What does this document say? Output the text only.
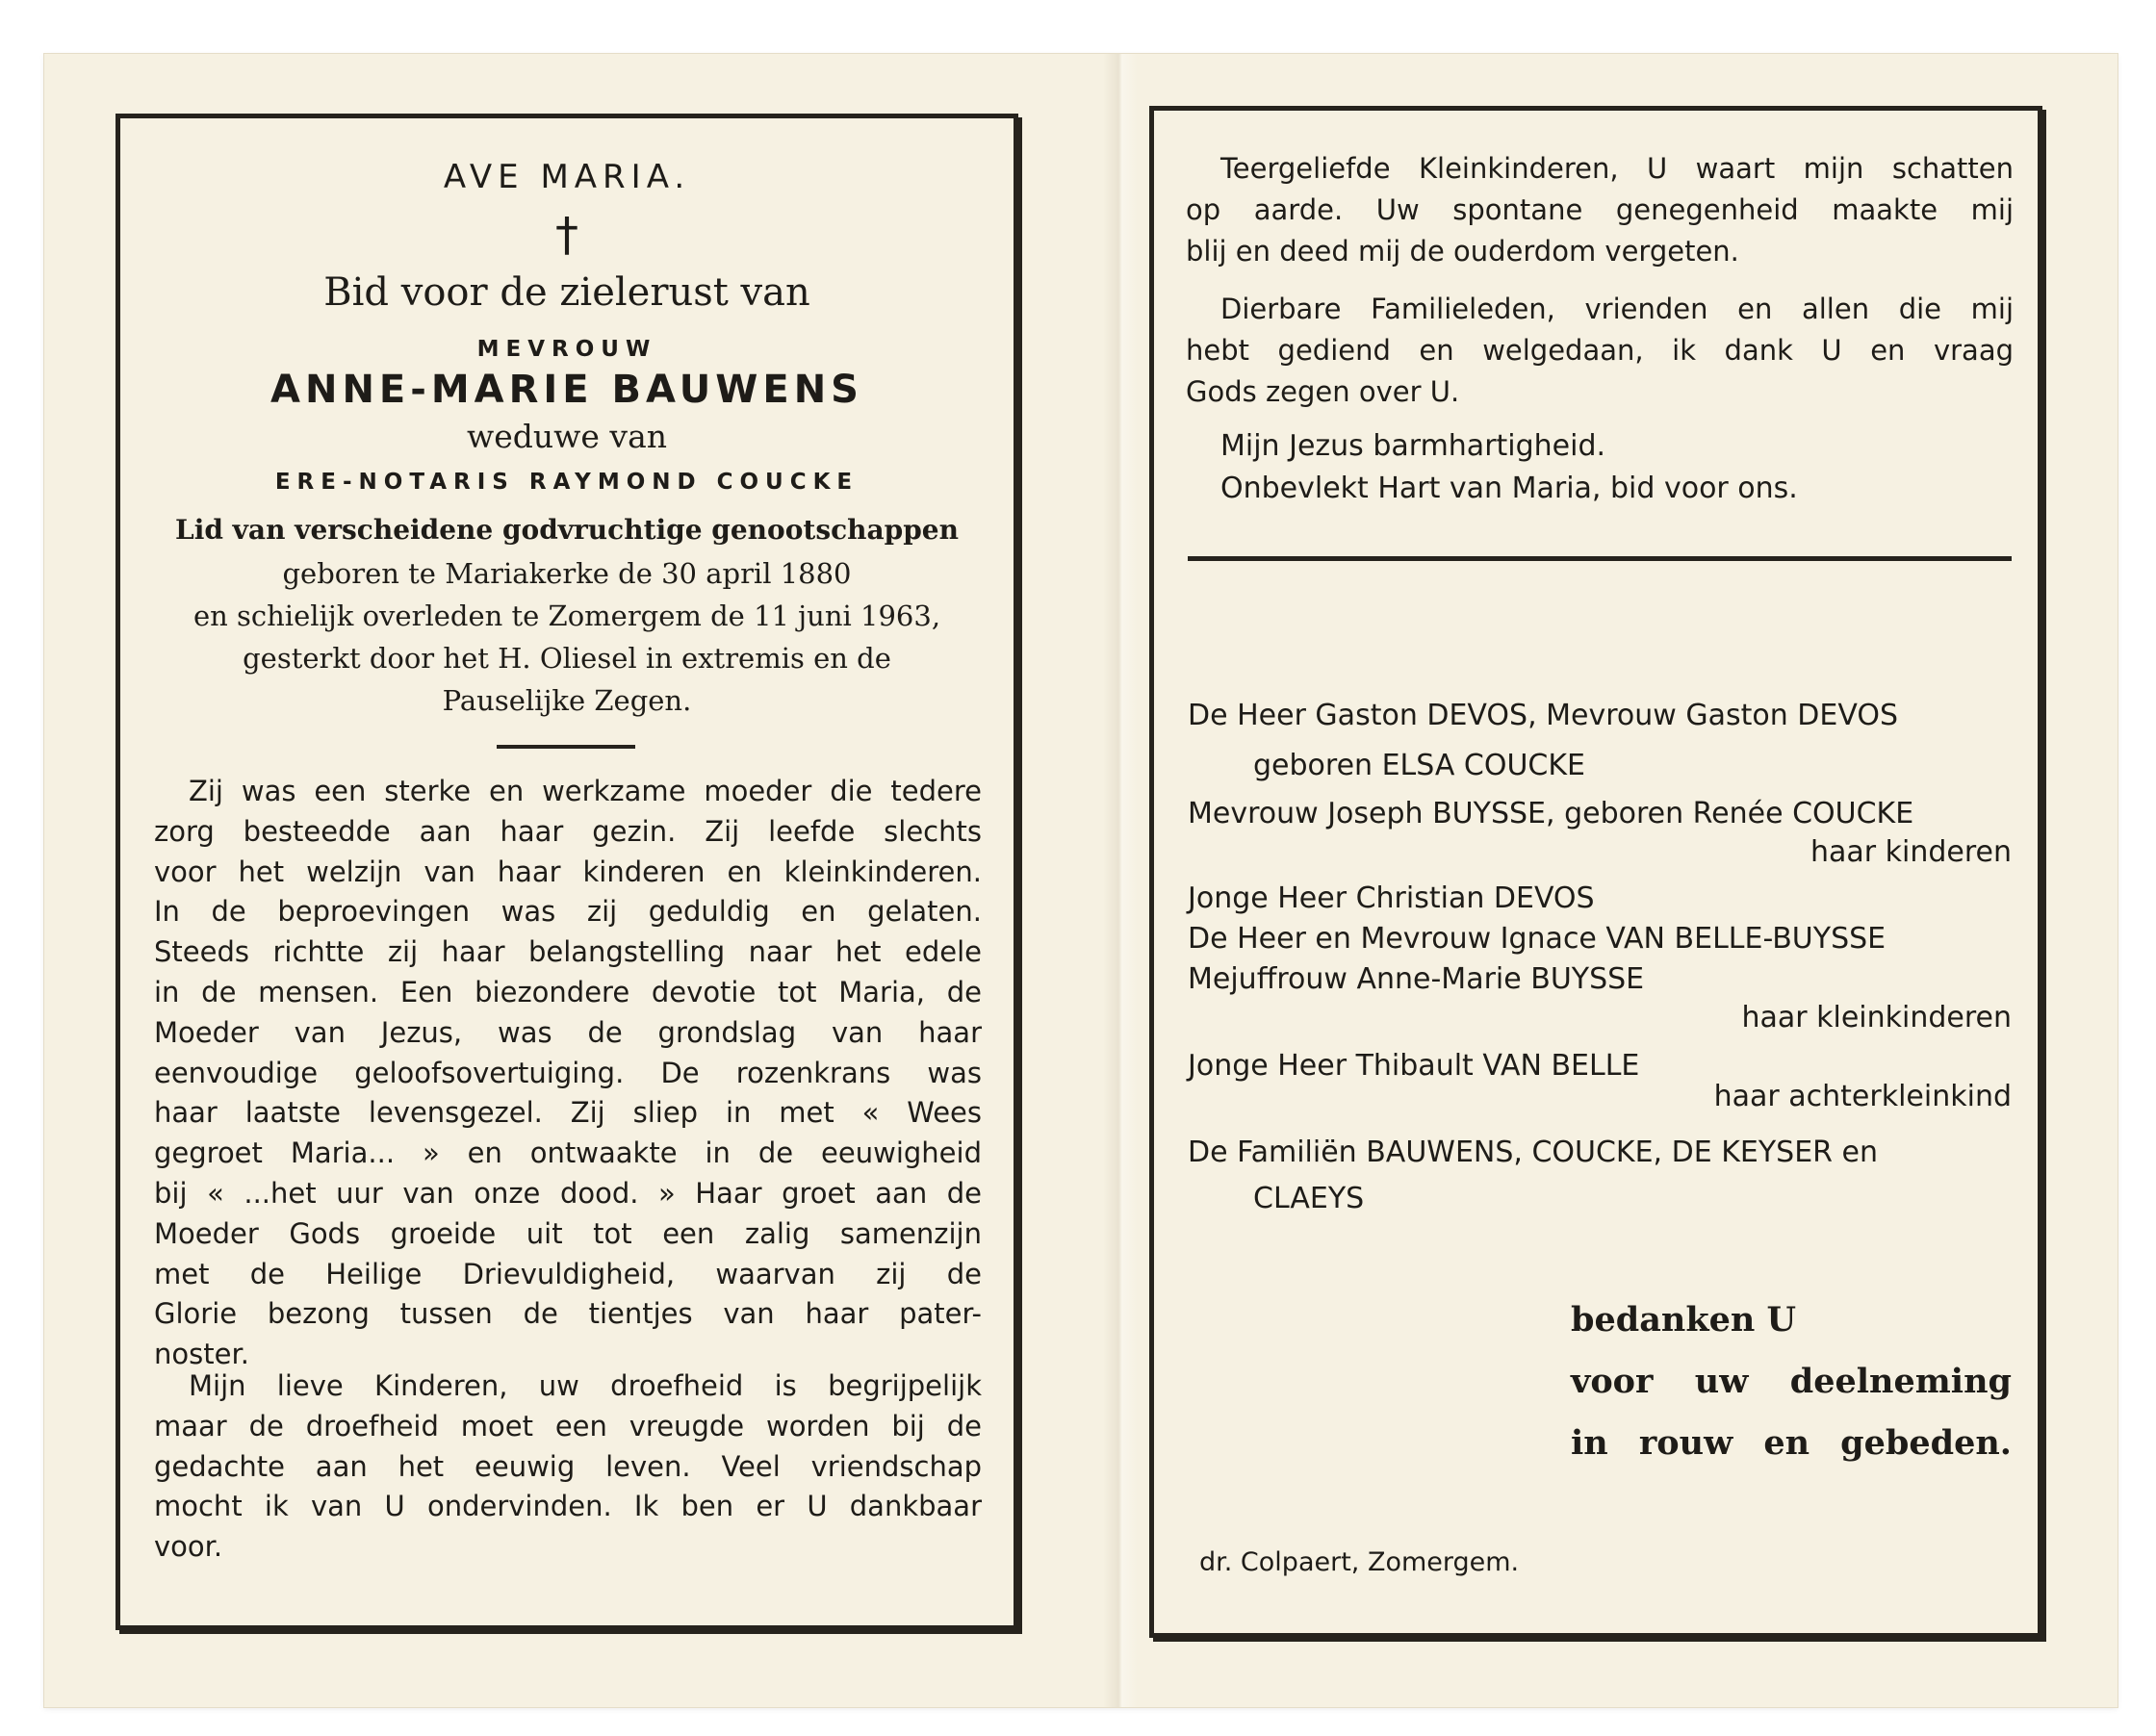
AVE MARIA.
†
Bid voor de zielerust van
MEVROUW
ANNE-MARIE BAUWENS
weduwe van
ERE-NOTARIS RAYMOND COUCKE
Lid van verscheidene godvruchtige genootschappen
geboren te Mariakerke de 30 april 1880
en schielijk overleden te Zomergem de 11 juni 1963,
gesterkt door het H. Oliesel in extremis en de
Pauselijke Zegen.
Zij was een sterke en werkzame moeder die tedere
zorg besteedde aan haar gezin. Zij leefde slechts
voor het welzijn van haar kinderen en kleinkinderen.
In de beproevingen was zij geduldig en gelaten.
Steeds richtte zij haar belangstelling naar het edele
in de mensen. Een biezondere devotie tot Maria, de
Moeder van Jezus, was de grondslag van haar
eenvoudige geloofsovertuiging. De rozenkrans was
haar laatste levensgezel. Zij sliep in met « Wees
gegroet Maria... » en ontwaakte in de eeuwigheid
bij « ...het uur van onze dood. » Haar groet aan de
Moeder Gods groeide uit tot een zalig samenzijn
met de Heilige Drievuldigheid, waarvan zij de
Glorie bezong tussen de tientjes van haar pater-
noster.
Mijn lieve Kinderen, uw droefheid is begrijpelijk
maar de droefheid moet een vreugde worden bij de
gedachte aan het eeuwig leven. Veel vriendschap
mocht ik van U ondervinden. Ik ben er U dankbaar
voor.
Teergeliefde Kleinkinderen, U waart mijn schatten
op aarde. Uw spontane genegenheid maakte mij
blij en deed mij de ouderdom vergeten.
Dierbare Familieleden, vrienden en allen die mij
hebt gediend en welgedaan, ik dank U en vraag
Gods zegen over U.
Mijn Jezus barmhartigheid.
Onbevlekt Hart van Maria, bid voor ons.
De Heer Gaston DEVOS, Mevrouw Gaston DEVOS
geboren ELSA COUCKE
Mevrouw Joseph BUYSSE, geboren Renée COUCKE
haar kinderen
Jonge Heer Christian DEVOS
De Heer en Mevrouw Ignace VAN BELLE-BUYSSE
Mejuffrouw Anne-Marie BUYSSE
haar kleinkinderen
Jonge Heer Thibault VAN BELLE
haar achterkleinkind
De Familiën BAUWENS, COUCKE, DE KEYSER en
CLAEYS
bedanken U
voor uw deelneming
in rouw en gebeden.
dr. Colpaert, Zomergem.
